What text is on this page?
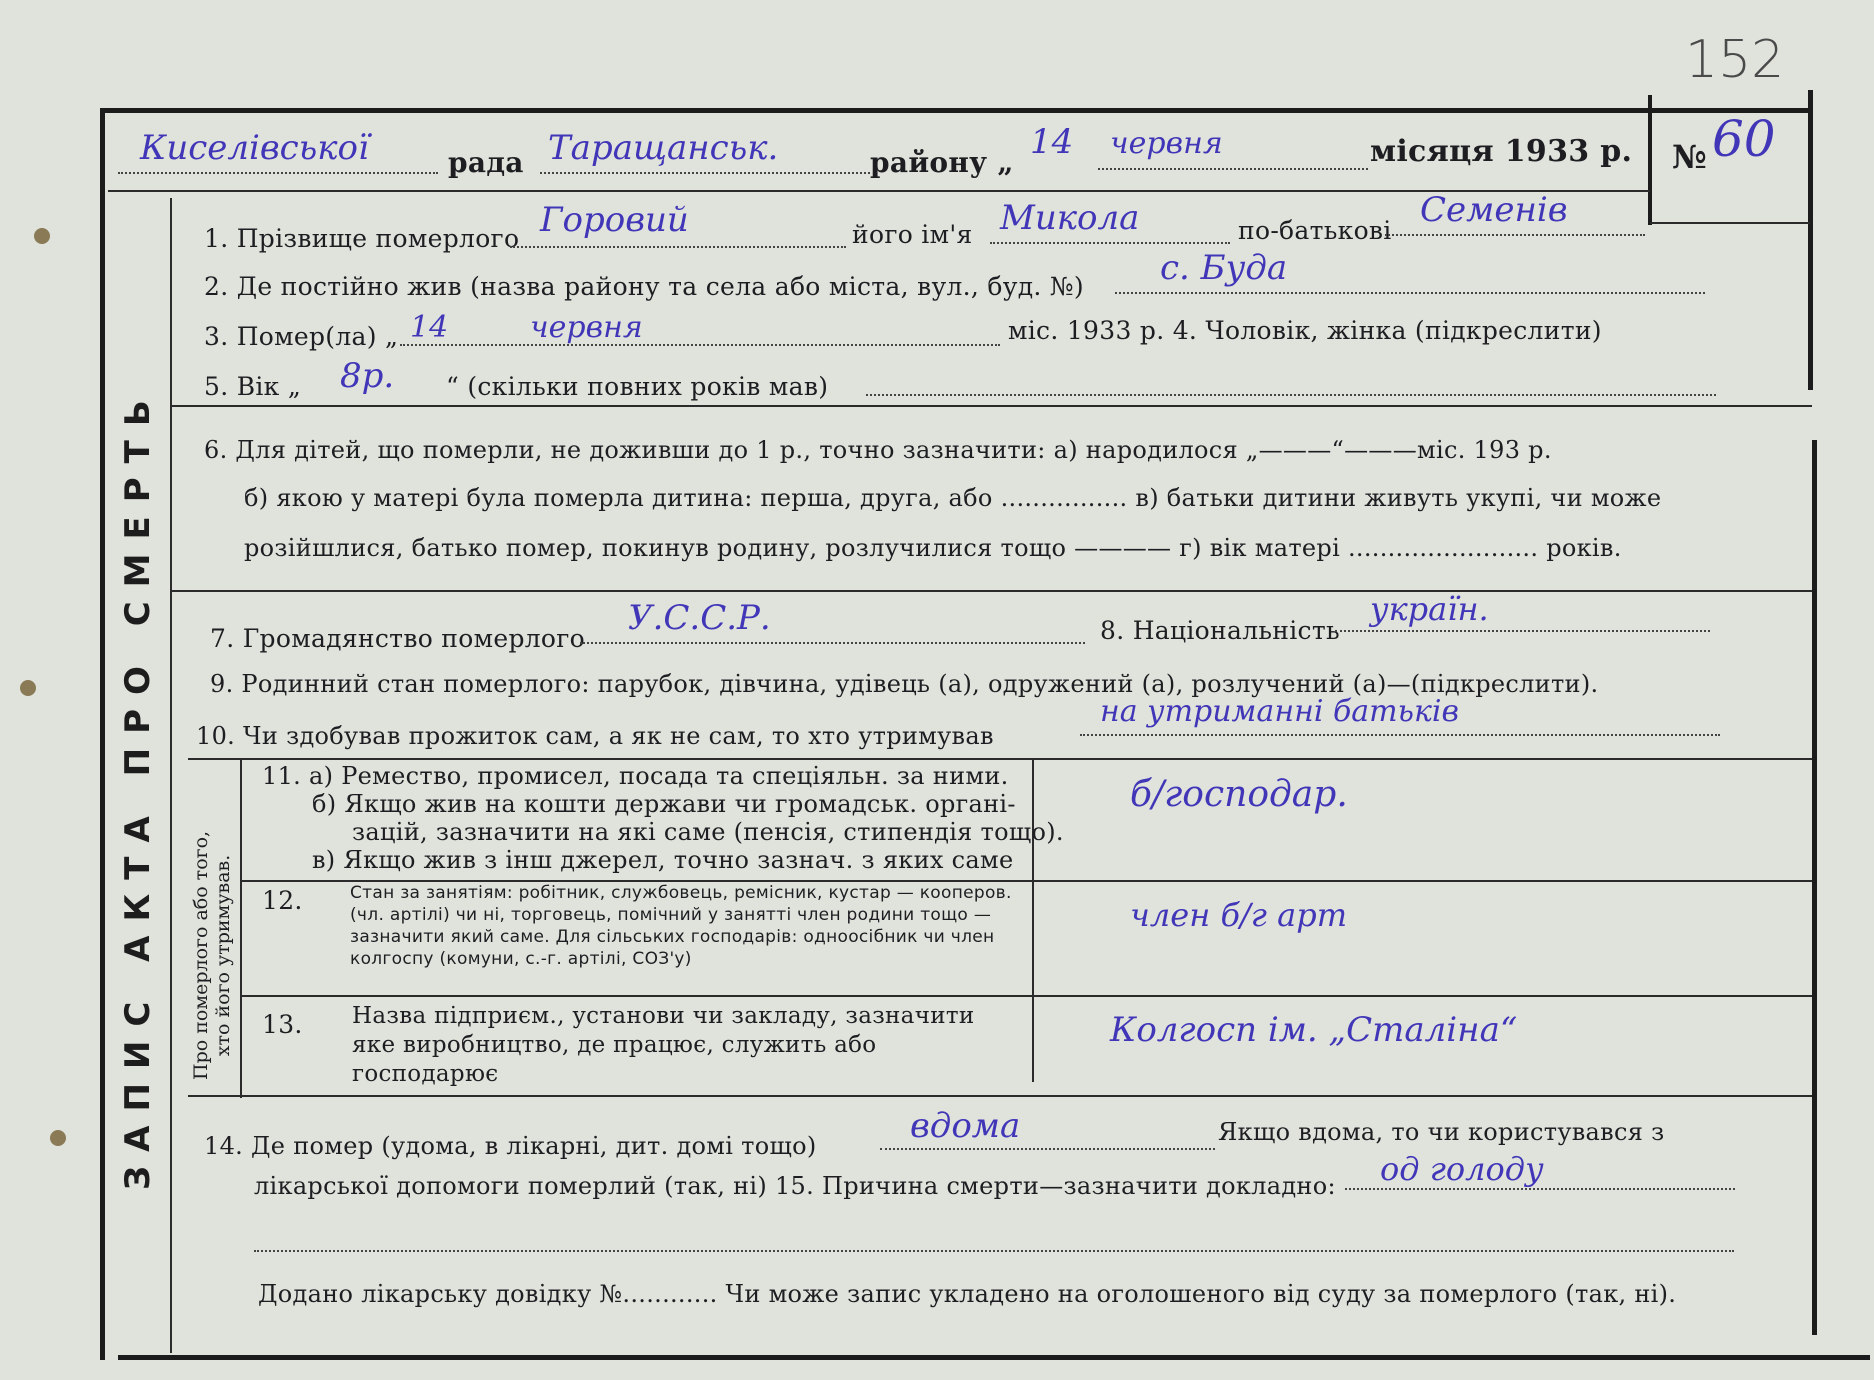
152
ЗАПИС АКТА ПРО СМЕРТЬ Про померлого або того, хто його утримував.
Киселівської	рада Таращанськ.	району „
14 червня	місяця 1933 р. № 60
1. Прізвище померлого Горовий	його ім'я Микола	по-батькові
Семенів
2. Де постійно жив (назва району та села або міста, вул., буд. №) с. Буда
3. Помер(ла) „ 14	червня	міс. 1933 р. 4. Чоловік, жінка (підкреслити)
5. Вік „ 8р. “ (скільки повних років мав)
6. Для дітей, що померли, не доживши до 1 р., точно зазначити: а) народилося „———“———міс. 193 р.
б) якою у матері була померла дитина: перша, друга, або ................ в) батьки дитини живуть укупі, чи може
розійшлися, батько помер, покинув родину, розлучилися тощо ———— г) вік матері ........................ років.
7. Громадянство померлого
У.С.С.Р.	8. Національність
україн.
9. Родинний стан померлого: парубок, дівчина, удівець (а), одружений (а), розлучений (а)—(підкреслити).
10. Чи здобував прожиток сам, а як не сам, то хто утримував
на утриманні батьків
11. а) Ремество, промисел, посада та спеціяльн. за ними.
б) Якщо жив на кошти держави чи громадськ. органі-
зацій, зазначити на які саме (пенсія, стипендія тощо).
в) Якщо жив з інш джерел, точно зазнач. з яких саме
б/господар.
12.	Стан за занятіям: робітник, службовець, ремісник, кустар — кооперов. (чл. артілі) чи ні, торговець, помічний у занятті член родини тощо — зазначити який саме. Для сільських господарів: одноосібник чи член колгоспу (комуни, с.-г. артілі, СОЗ'у)
член б/г арт
13. Назва підприєм., установи чи закладу, зазначити яке виробництво, де працює, служить або господарює
Колгосп ім. „Сталіна“
14. Де помер (удома, в лікарні, дит. домі тощо)	вдома	Якщо вдома, то чи користувався з
лікарської допомоги померлий (так, ні) 15. Причина смерти—зазначити докладно: од голоду
Додано лікарську довідку №............ Чи може запис укладено на оголошеного від суду за померлого (так, ні).
